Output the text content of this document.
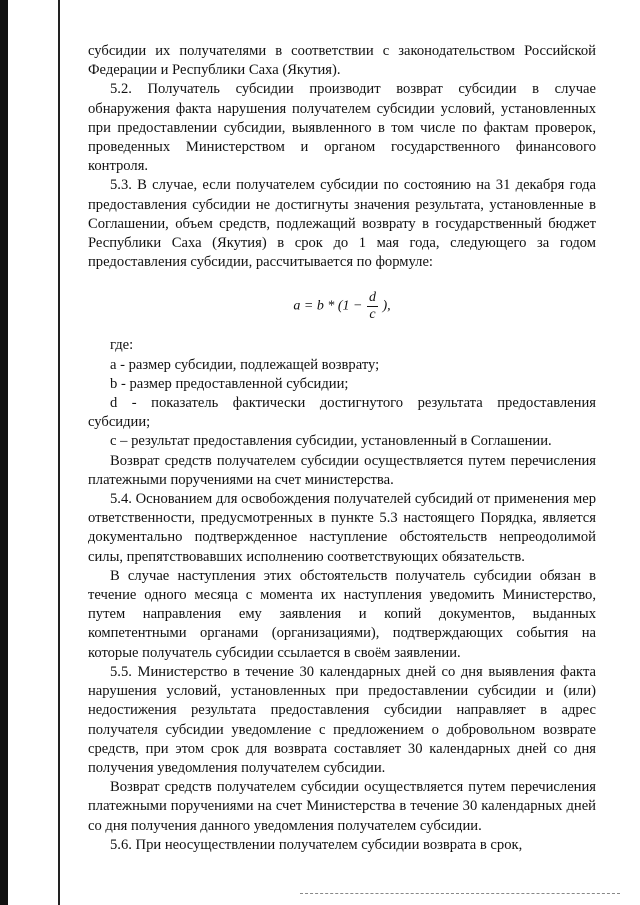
субсидии их получателями в соответствии с законодательством Российской Федерации и Республики Саха (Якутия).

5.2. Получатель субсидии производит возврат субсидии в случае обнаружения факта нарушения получателем субсидии условий, установленных при предоставлении субсидии, выявленного в том числе по фактам проверок, проведенных Министерством и органом государственного финансового контроля.

5.3. В случае, если получателем субсидии по состоянию на 31 декабря года предоставления субсидии не достигнуты значения результата, установленные в Соглашении, объем средств, подлежащий возврату в государственный бюджет Республики Саха (Якутия) в срок до 1 мая года, следующего за годом предоставления субсидии, рассчитывается по формуле:

$a = b * (1 - \frac{d}{c}$ ),

где:

a - размер субсидии, подлежащей возврату;

b - размер предоставленной субсидии;

d - показатель фактически достигнутого результата предоставления субсидии;

c – результат предоставления субсидии, установленный в Соглашении.

Возврат средств получателем субсидии осуществляется путем перечисления платежными поручениями на счет министерства.

5.4. Основанием для освобождения получателей субсидий от применения мер ответственности, предусмотренных в пункте 5.3 настоящего Порядка, является документально подтвержденное наступление обстоятельств непреодолимой силы, препятствовавших исполнению соответствующих обязательств.

В случае наступления этих обстоятельств получатель субсидии обязан в течение одного месяца с момента их наступления уведомить Министерство, путем направления ему заявления и копий документов, выданных компетентными органами (организациями), подтверждающих события на которые получатель субсидии ссылается в своём заявлении.

5.5. Министерство в течение 30 календарных дней со дня выявления факта нарушения условий, установленных при предоставлении субсидии и (или) недостижения результата предоставления субсидии направляет в адрес получателя субсидии уведомление с предложением о добровольном возврате средств, при этом срок для возврата составляет 30 календарных дней со дня получения уведомления получателем субсидии.

Возврат средств получателем субсидии осуществляется путем перечисления платежными поручениями на счет Министерства в течение 30 календарных дней со дня получения данного уведомления получателем субсидии.

5.6. При неосуществлении получателем субсидии возврата в срок,
